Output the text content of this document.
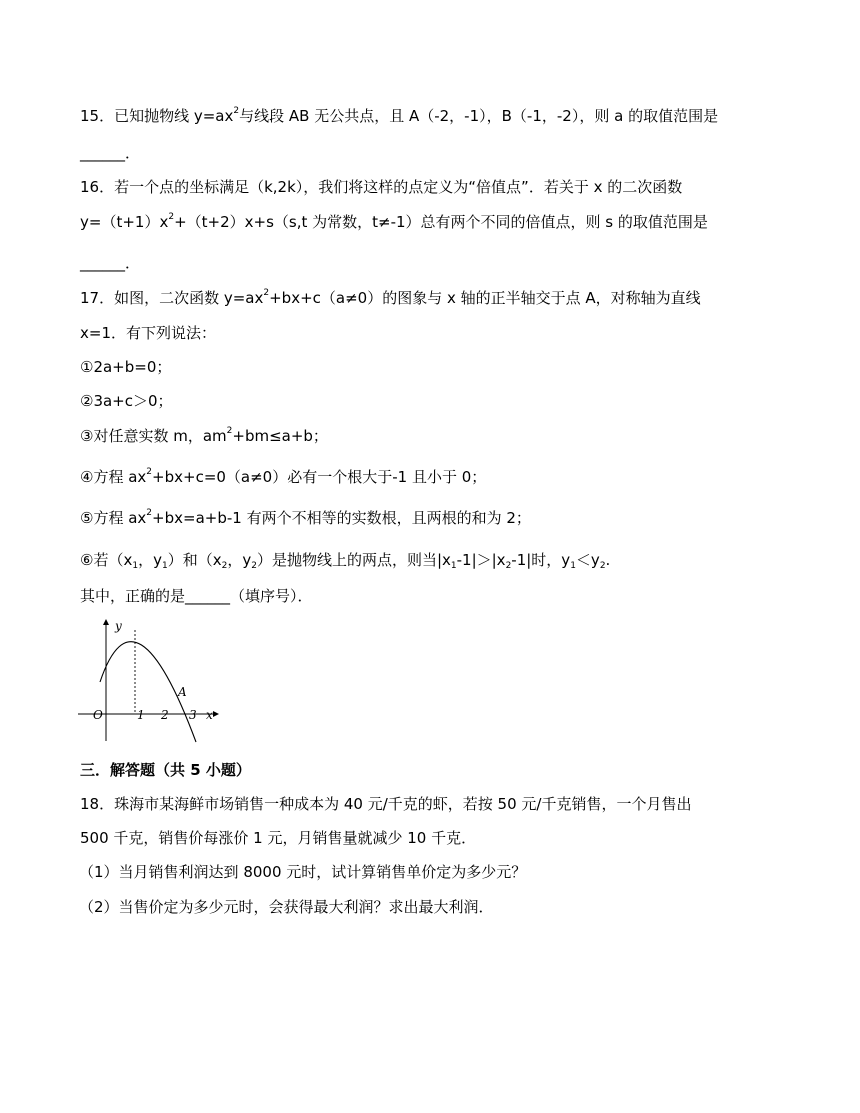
15．已知抛物线 $y=ax^2$与线段 AB 无公共点，且 A（-2，-1），B（-1，-2），则 a 的取值范围是
______．
16．若一个点的坐标满足（k,2k），我们将这样的点定义为“倍值点”．若关于 x 的二次函数
$y=(t+1)x^2+(t+2)x+s(s,t$ 为常数，t≠-1）总有两个不同的倍值点，则 s 的取值范围是
______．
17．如图，二次函数 $y=ax^2+bx+c(a\ne 0)$的图象与 x 轴的正半轴交于点 A，对称轴为直线
x=1．有下列说法：
①2a+b=0；
②3a+c＞0；
③对任意实数 m，$am^2+bm\le a+b$；
④方程 $ax^2+bx+c=0(a\ne 0)$必有一个根大于-1 且小于 0；
⑤方程 $ax^2+bx=a+b-1$ 有两个不相等的实数根，且两根的和为 2；
⑥若（$x_1$，$y_1$）和（$x_2$，$y_2$）是抛物线上的两点，则当$|x_1-1|>|x_2-1|$时，$y_1<y_2$.
其中，正确的是______（填序号）．
y
x
O	1 2 3
A
三．解答题（共 5 小题）
18．珠海市某海鲜市场销售一种成本为 40 元/千克的虾，若按 50 元/千克销售，一个月售出
500 千克，销售价每涨价 1 元，月销售量就减少 10 千克．
（1）当月销售利润达到 8000 元时，试计算销售单价定为多少元？
（2）当售价定为多少元时，会获得最大利润？求出最大利润．
